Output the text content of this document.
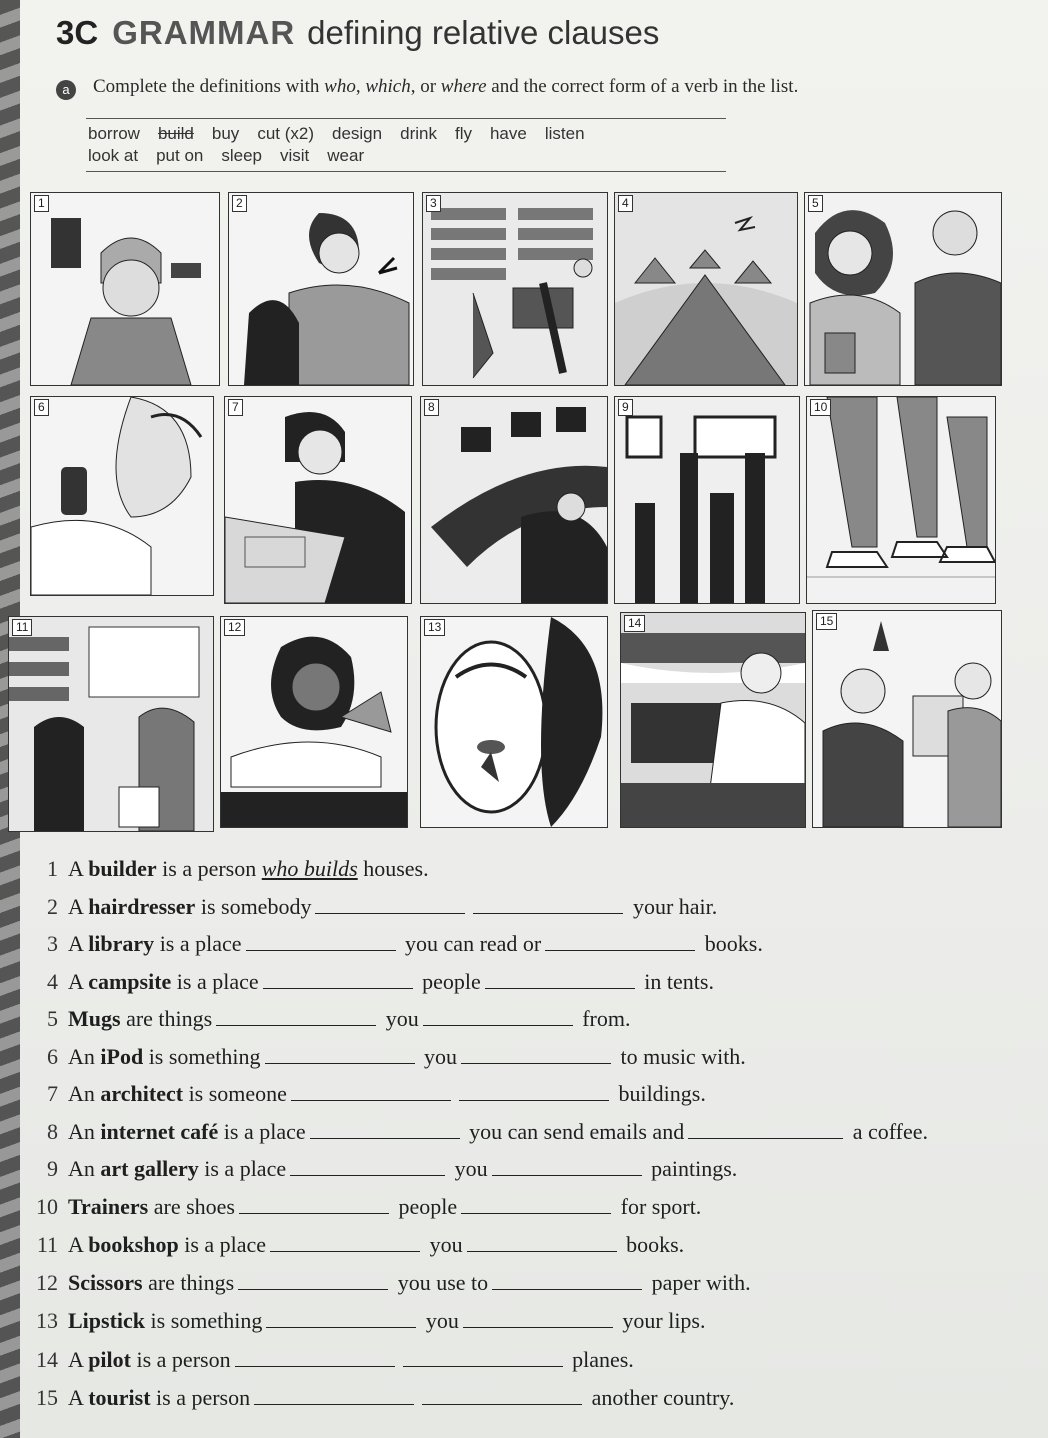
3C GRAMMAR defining relative clauses
a	Complete the definitions with who, which, or where and the correct form of a verb in the list.
borrow build buy cut (x2) design drink fly have listen
look at put on sleep visit wear
1	2	3	4	5
6	7	8	9	10
11	12	13	14	15
1 A builder is a person who builds houses.
2 A hairdresser is somebody	your hair.
3 A library is a place	you can read or	books.
4 A campsite is a place	people	in tents.
5 Mugs are things	you	from.
6 An iPod is something	you	to music with.
7 An architect is someone	buildings.
8 An internet café is a place	you can send emails and	a coffee.
9 An art gallery is a place	you	paintings.
10 Trainers are shoes	people	for sport.
11 A bookshop is a place	you	books.
12 Scissors are things	you use to	paper with.
13 Lipstick is something	you	your lips.
14 A pilot is a person	planes.
15 A tourist is a person	another country.
